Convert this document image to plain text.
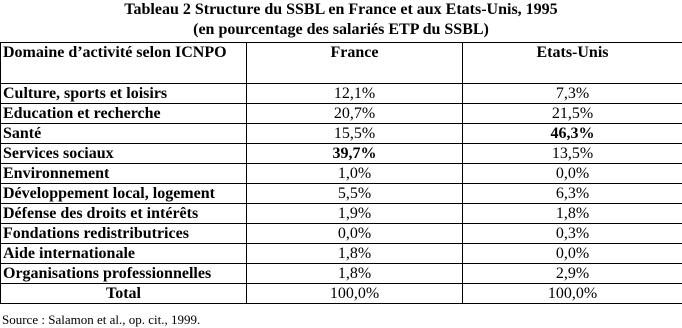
Tableau 2 Structure du SSBL en France et aux Etats-Unis, 1995

(en pourcentage des salariés ETP du SSBL)

Domaine d’activité selon ICNPO	France	Etats-Unis
Culture, sports et loisirs	12,1%	7,3%
Education et recherche	20,7%	21,5%
Santé	15,5%	46,3%
Services sociaux	39,7%	13,5%
Environnement	1,0%	0,0%
Développement local, logement	5,5%	6,3%
Défense des droits et intérêts	1,9%	1,8%
Fondations redistributrices	0,0%	0,3%
Aide internationale	1,8%	0,0%
Organisations professionnelles	1,8%	2,9%
Total	100,0%	100,0%
Source : Salamon et al., op. cit., 1999.
